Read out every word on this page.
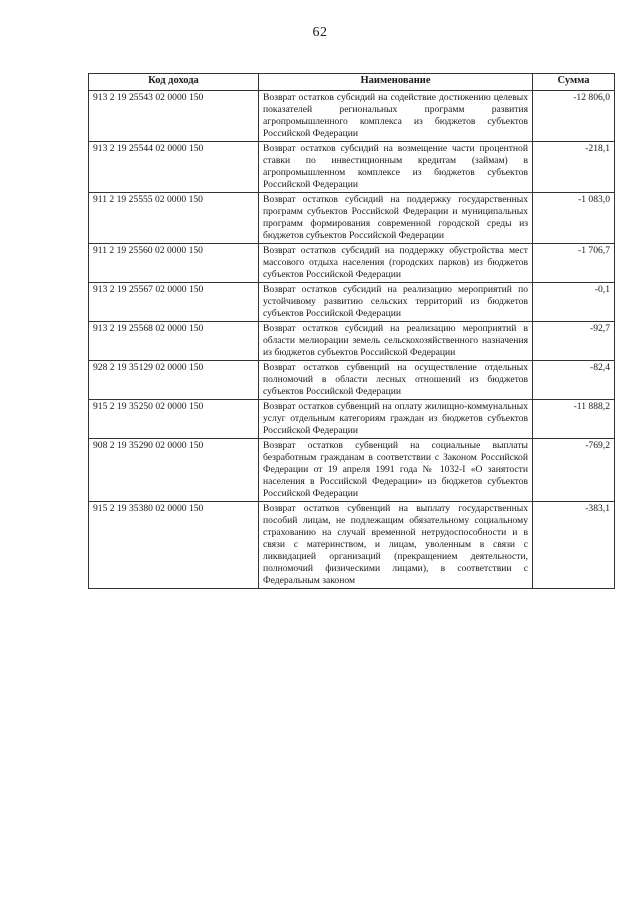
62
Код дохода	Наименование	Сумма
913 2 19 25543 02 0000 150	Возврат остатков субсидий на содействие достижению целевых показателей региональных программ развития агропромышленного комплекса из бюджетов субъектов Российской Федерации	-12 806,0
913 2 19 25544 02 0000 150	Возврат остатков субсидий на возмещение части процентной ставки по инвестиционным кредитам (займам) в агропромышленном комплексе из бюджетов субъектов Российской Федерации	-218,1
911 2 19 25555 02 0000 150	Возврат остатков субсидий на поддержку государственных программ субъектов Российской Федерации и муниципальных программ формирования современной городской среды из бюджетов субъектов Российской Федерации	-1 083,0
911 2 19 25560 02 0000 150	Возврат остатков субсидий на поддержку обустройства мест массового отдыха населения (городских парков) из бюджетов субъектов Российской Федерации	-1 706,7
913 2 19 25567 02 0000 150	Возврат остатков субсидий на реализацию мероприятий по устойчивому развитию сельских территорий из бюджетов субъектов Российской Федерации	-0,1
913 2 19 25568 02 0000 150	Возврат остатков субсидий на реализацию мероприятий в области мелиорации земель сельскохозяйственного назначения из бюджетов субъектов Российской Федерации	-92,7
928 2 19 35129 02 0000 150	Возврат остатков субвенций на осуществление отдельных полномочий в области лесных отношений из бюджетов субъектов Российской Федерации	-82,4
915 2 19 35250 02 0000 150	Возврат остатков субвенций на оплату жилищно-коммунальных услуг отдельным категориям граждан из бюджетов субъектов Российской Федерации	-11 888,2
908 2 19 35290 02 0000 150	Возврат остатков субвенций на социальные выплаты безработным гражданам в соответствии с Законом Российской Федерации от 19 апреля 1991 года № 1032-I «О занятости населения в Российской Федерации» из бюджетов субъектов Российской Федерации	-769,2
915 2 19 35380 02 0000 150	Возврат остатков субвенций на выплату государственных пособий лицам, не подлежащим обязательному социальному страхованию на случай временной нетрудоспособности и в связи с материнством, и лицам, уволенным в связи с ликвидацией организаций (прекращением деятельности, полномочий физическими лицами), в соответствии с Федеральным законом	-383,1
